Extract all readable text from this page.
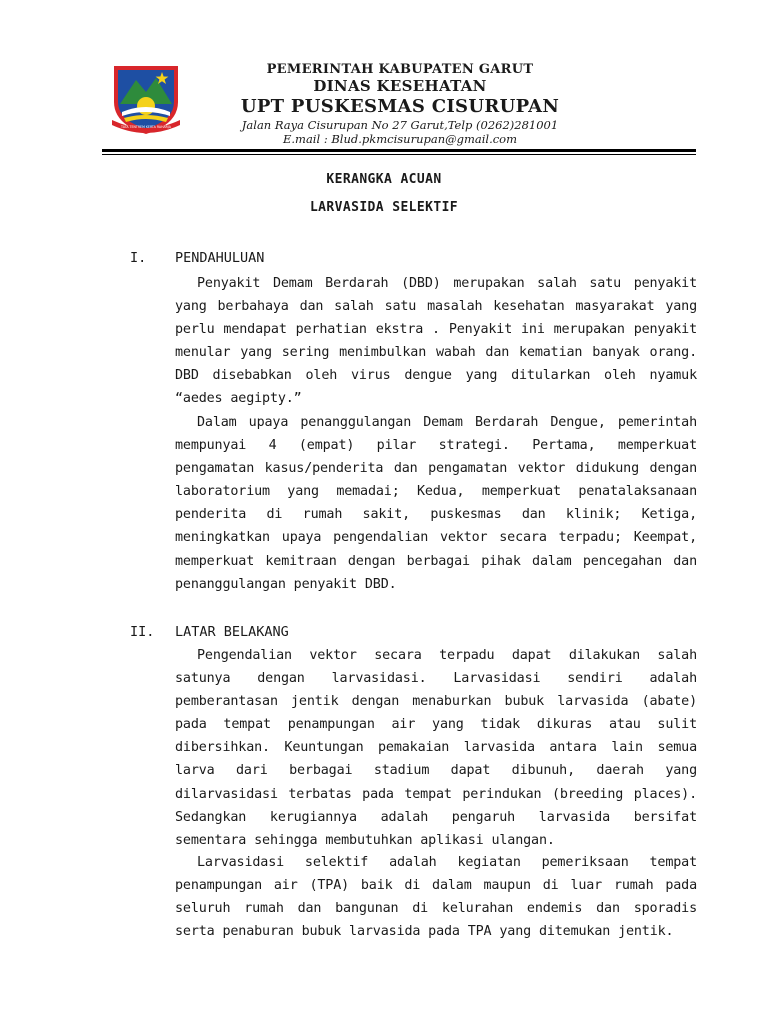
TATA TENTREM KERTA RAHARJA
PEMERINTAH KABUPATEN GARUT
DINAS KESEHATAN
UPT PUSKESMAS CISURUPAN
Jalan Raya Cisurupan No 27 Garut,Telp (0262)281001
E.mail : Blud.pkmcisurupan@gmail.com
KERANGKA ACUAN
LARVASIDA SELEKTIF
I. PENDAHULUAN

Penyakit Demam Berdarah (DBD) merupakan salah satu penyakit yang berbahaya dan salah satu masalah kesehatan masyarakat yang perlu mendapat perhatian ekstra . Penyakit ini merupakan penyakit menular yang sering menimbulkan wabah dan kematian banyak orang. DBD disebabkan oleh virus dengue yang ditularkan oleh nyamuk “aedes aegipty.”

Dalam upaya penanggulangan Demam Berdarah Dengue, pemerintah mempunyai 4 (empat) pilar strategi. Pertama, memperkuat pengamatan kasus/penderita dan pengamatan vektor didukung dengan laboratorium yang memadai; Kedua, memperkuat penatalaksanaan penderita di rumah sakit, puskesmas dan klinik; Ketiga, meningkatkan upaya pengendalian vektor secara terpadu; Keempat, memperkuat kemitraan dengan berbagai pihak dalam pencegahan dan penanggulangan penyakit DBD.

II. LATAR BELAKANG

Pengendalian vektor secara terpadu dapat dilakukan salah satunya dengan larvasidasi. Larvasidasi sendiri adalah pemberantasan jentik dengan menaburkan bubuk larvasida (abate) pada tempat penampungan air yang tidak dikuras atau sulit dibersihkan. Keuntungan pemakaian larvasida antara lain semua larva dari berbagai stadium dapat dibunuh, daerah yang dilarvasidasi terbatas pada tempat perindukan (breeding places). Sedangkan kerugiannya adalah pengaruh larvasida bersifat sementara sehingga membutuhkan aplikasi ulangan.

Larvasidasi selektif adalah kegiatan pemeriksaan tempat penampungan air (TPA) baik di dalam maupun di luar rumah pada seluruh rumah dan bangunan di kelurahan endemis dan sporadis serta penaburan bubuk larvasida pada TPA yang ditemukan jentik.
